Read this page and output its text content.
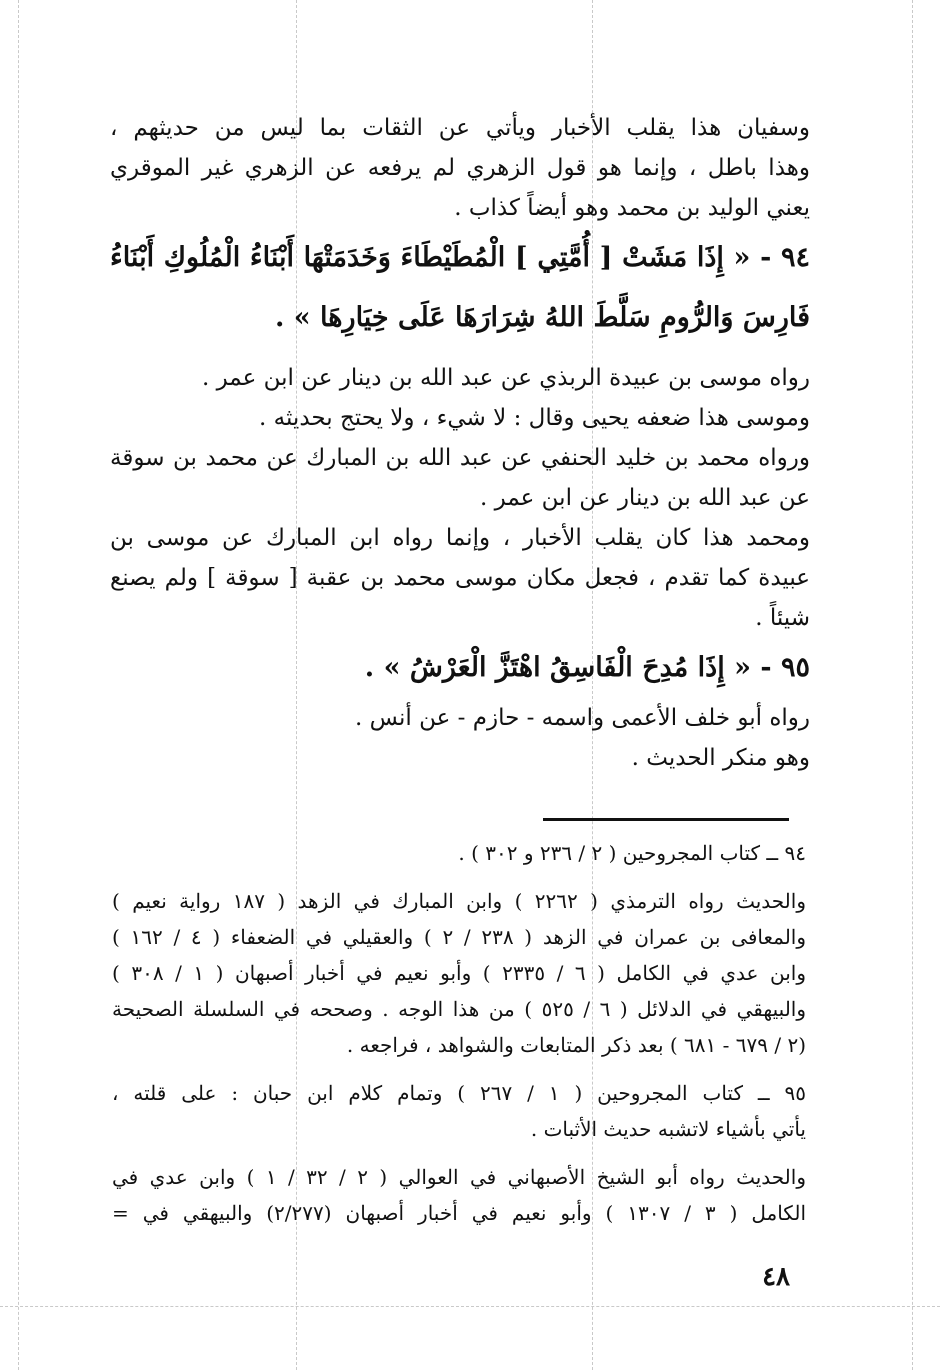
وسفيان هذا يقلب الأخبار ويأتي عن الثقات بما ليس من حديثهم ،
وهذا باطل ، وإنما هو قول الزهري لم يرفعه عن الزهري غير الموقري
يعني الوليد بن محمد وهو أيضاً كذاب .
٩٤ - « إِذَا مَشَتْ [ أُمَّتِي ] الْمُطَيْطَاءَ وَخَدَمَتْهَا أَبْنَاءُ الْمُلُوكِ أَبْنَاءُ
فَارِسَ وَالرُّومِ سَلَّطَ اللهُ شِرَارَهَا عَلَى خِيَارِهَا » .
رواه موسى بن عبيدة الربذي عن عبد الله بن دينار عن ابن عمر .
وموسى هذا ضعفه يحيى وقال : لا شيء ، ولا يحتج بحديثه .
ورواه محمد بن خليد الحنفي عن عبد الله بن المبارك عن محمد بن سوقة
عن عبد الله بن دينار عن ابن عمر .
ومحمد هذا كان يقلب الأخبار ، وإنما رواه ابن المبارك عن موسى بن
عبيدة كما تقدم ، فجعل مكان موسى محمد بن عقبة [ سوقة ] ولم يصنع
شيئاً .
٩٥ - « إِذَا مُدِحَ الْفَاسِقُ اهْتَزَّ الْعَرْشُ » .
رواه أبو خلف الأعمى واسمه - حازم - عن أنس .
وهو منكر الحديث .
٩٤ ــ كتاب المجروحين ( ٢ / ٢٣٦ و ٣٠٢ ) .
والحديث رواه الترمذي ( ٢٢٦٢ ) وابن المبارك في الزهد ( ١٨٧ رواية نعيم )
والمعافى بن عمران في الزهد ( ٢٣٨ / ٢ ) والعقيلي في الضعفاء ( ٤ / ١٦٢ )
وابن عدي في الكامل ( ٦ / ٢٣٣٥ ) وأبو نعيم في أخبار أصبهان ( ١ / ٣٠٨ )
والبيهقي في الدلائل ( ٦ / ٥٢٥ ) من هذا الوجه . وصححه في السلسلة الصحيحة
(٢ / ٦٧٩ - ٦٨١ ) بعد ذكر المتابعات والشواهد ، فراجعه .
٩٥ ــ كتاب المجروحين ( ١ / ٢٦٧ ) وتمام كلام ابن حبان : على قلته ،
يأتي بأشياء لاتشبه حديث الأثبات .
والحديث رواه أبو الشيخ الأصبهاني في العوالي ( ٢ / ٣٢ / ١ ) وابن عدي في
الكامل ( ٣ / ١٣٠٧ ) وأبو نعيم في أخبار أصبهان (٢/٢٧٧) والبيهقي في =
٤٨
